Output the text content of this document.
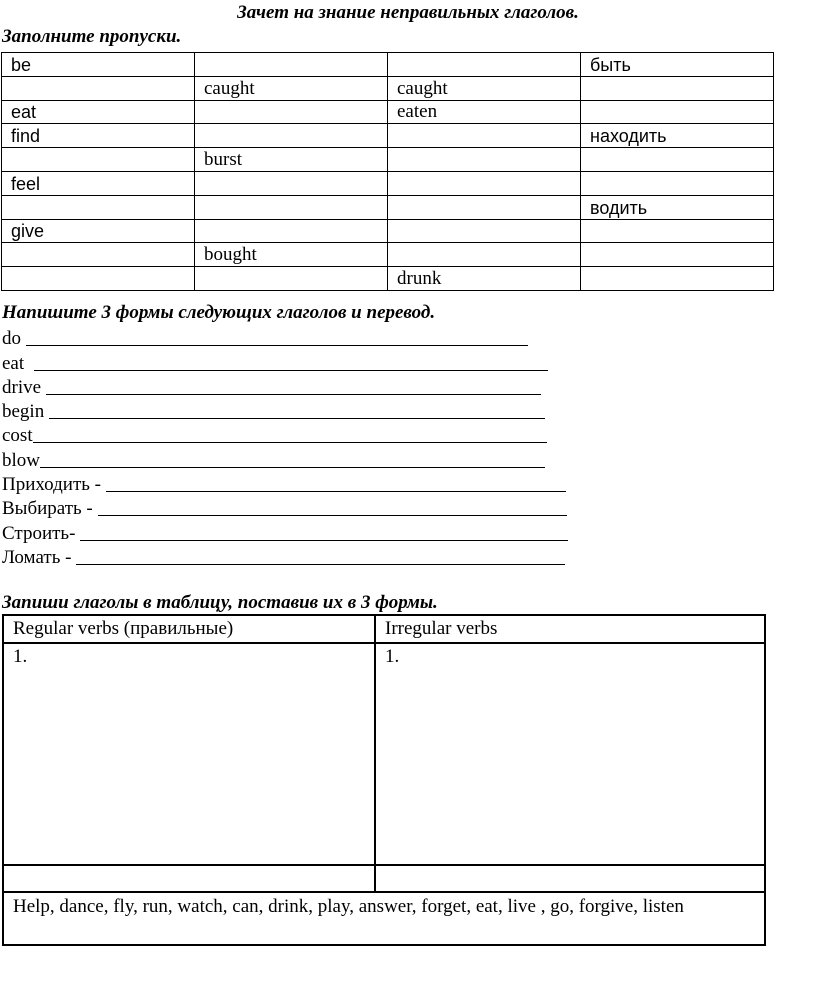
Зачет на знание неправильных глаголов.
Заполните пропуски.
be			быть
	caught	caught	
eat		eaten	
find			находить
	burst		
feel			
			водить
give			
	bought		
		drunk	
Напишите 3 формы следующих глаголов и перевод.
do
eat
drive
begin
cost
blow
Приходить -
Выбирать -
Строить-
Ломать -
Запиши глаголы в таблицу, поставив их в 3 формы.
Regular verbs (правильные)	Irregular verbs
1.	1.

Help, dance, fly, run, watch, can, drink, play, answer, forget, eat, live , go, forgive, listen	
